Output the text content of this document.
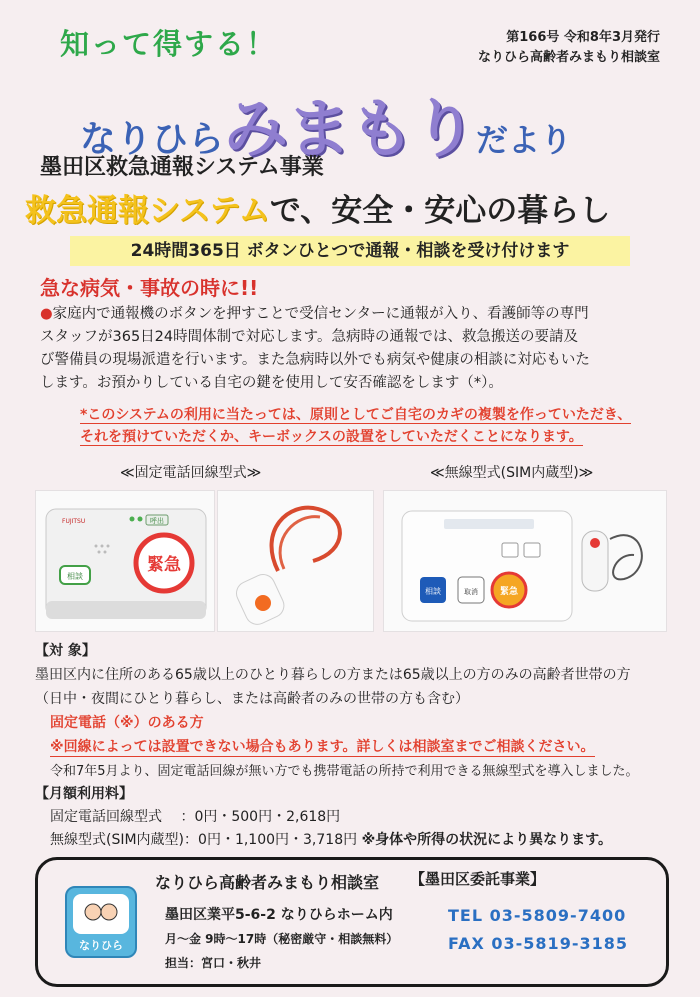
知って得する！	第166号 令和8年3月発行
なりひら高齢者みまもり相談室
なりひらみまもりだより
墨田区救急通報システム事業
救急通報システムで、安全・安心の暮らし
24時間365日 ボタンひとつで通報・相談を受け付けます
急な病気・事故の時に!!
●家庭内で通報機のボタンを押すことで受信センターに通報が入り、看護師等の専門
スタッフが365日24時間体制で対応します。急病時の通報では、救急搬送の要請及
び警備員の現場派遣を行います。また急病時以外でも病気や健康の相談に対応もいた
します。お預かりしている自宅の鍵を使用して安否確認をします（*）。
*このシステムの利用に当たっては、原則としてご自宅のカギの複製を作っていただき、
それを預けていただくか、キーボックスの設置をしていただくことになります。
≪固定電話回線型式≫	≪無線型式(SIM内蔵型)≫
呼出
FUJITSU
緊急
相談
相談	取消 緊急
【対 象】
墨田区内に住所のある65歳以上のひとり暮らしの方または65歳以上の方のみの高齢者世帯の方
（日中・夜間にひとり暮らし、または高齢者のみの世帯の方も含む）
固定電話（※）のある方
※回線によっては設置できない場合もあります。詳しくは相談室までご相談ください。
令和7年5月より、固定電話回線が無い方でも携帯電話の所持で利用できる無線型式を導入しました。
【月額利用料】
固定電話回線型式 ：0円・500円・2,618円
無線型式(SIM内蔵型)：0円・1,100円・3,718円 ※身体や所得の状況により異なります。
なりひら
なりひら高齢者みまもり相談室 【墨田区委託事業】
墨田区業平5-6-2 なりひらホーム内
月～金 9時～17時（秘密厳守・相談無料）
担当：宮口・秋井
TEL 03-5809-7400
FAX 03-5819-3185
